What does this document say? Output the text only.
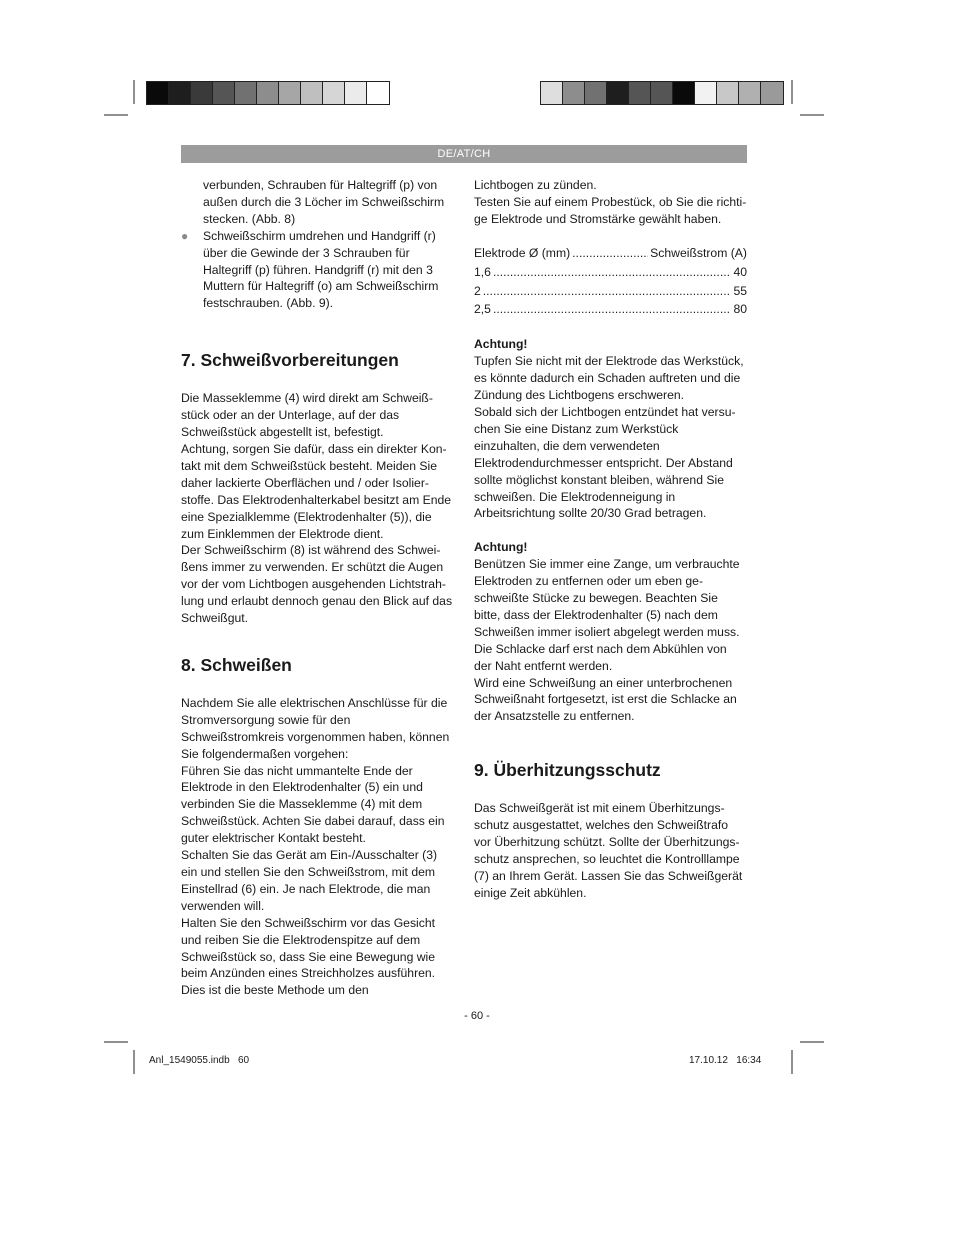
DE/AT/CH

verbunden, Schrauben für Haltegriff (p) von außen durch die 3 Löcher im Schweißschirm stecken. (Abb. 8)

● Schweißschirm umdrehen und Handgriff (r) über die Gewinde der 3 Schrauben für Haltegriff (p) führen. Handgriff (r) mit den 3 Muttern für Haltegriff (o) am Schweißschirm festschrauben. (Abb. 9).
7. Schweißvorbereitungen

Die Masseklemme (4) wird direkt am Schweißstück oder an der Unterlage, auf der das Schweißstück abgestellt ist, befestigt.

Achtung, sorgen Sie dafür, dass ein direkter Kontakt mit dem Schweißstück besteht. Meiden Sie daher lackierte Oberflächen und / oder Isolierstoffe. Das Elektrodenhalterkabel besitzt am Ende eine Spezialklemme (Elektrodenhalter (5)), die zum Einklemmen der Elektrode dient.

Der Schweißschirm (8) ist während des Schweißens immer zu verwenden. Er schützt die Augen vor der vom Lichtbogen ausgehenden Lichtstrahlung und erlaubt dennoch genau den Blick auf das Schweißgut.

8. Schweißen

Nachdem Sie alle elektrischen Anschlüsse für die Stromversorgung sowie für den Schweißstromkreis vorgenommen haben, können Sie folgendermaßen vorgehen:

Führen Sie das nicht ummantelte Ende der Elektrode in den Elektrodenhalter (5) ein und verbinden Sie die Masseklemme (4) mit dem Schweißstück. Achten Sie dabei darauf, dass ein guter elektrischer Kontakt besteht.

Schalten Sie das Gerät am Ein-/Ausschalter (3) ein und stellen Sie den Schweißstrom, mit dem Einstellrad (6) ein. Je nach Elektrode, die man verwenden will.

Halten Sie den Schweißschirm vor das Gesicht und reiben Sie die Elektrodenspitze auf dem Schweißstück so, dass Sie eine Bewegung wie beim Anzünden eines Streichholzes ausführen. Dies ist die beste Methode um den

Lichtbogen zu zünden.

Testen Sie auf einem Probestück, ob Sie die richtige Elektrode und Stromstärke gewählt haben.

Elektrode Ø (mm) .....	Schweißstrom (A)
1,6 .....	40
2 .....	55
2,5 .....	80

Achtung!

Tupfen Sie nicht mit der Elektrode das Werkstück, es könnte dadurch ein Schaden auftreten und die Zündung des Lichtbogens erschweren.

Sobald sich der Lichtbogen entzündet hat versuchen Sie eine Distanz zum Werkstück einzuhalten, die dem verwendeten Elektrodendurchmesser entspricht. Der Abstand sollte möglichst konstant bleiben, während Sie schweißen. Die Elektrodenneigung in Arbeitsrichtung sollte 20/30 Grad betragen.

Achtung!

Benützen Sie immer eine Zange, um verbrauchte Elektroden zu entfernen oder um eben geschweißte Stücke zu bewegen. Beachten Sie bitte, dass der Elektrodenhalter (5) nach dem Schweißen immer isoliert abgelegt werden muss.

Die Schlacke darf erst nach dem Abkühlen von der Naht entfernt werden.

Wird eine Schweißung an einer unterbrochenen Schweißnaht fortgesetzt, ist erst die Schlacke an der Ansatzstelle zu entfernen.

9. Überhitzungsschutz

Das Schweißgerät ist mit einem Überhitzungsschutz ausgestattet, welches den Schweißtrafo vor Überhitzung schützt. Sollte der Überhitzungsschutz ansprechen, so leuchtet die Kontrolllampe (7) an Ihrem Gerät. Lassen Sie das Schweißgerät einige Zeit abkühlen.

- 60 -
Anl_1549055.indb   60	17.10.12   16:34
